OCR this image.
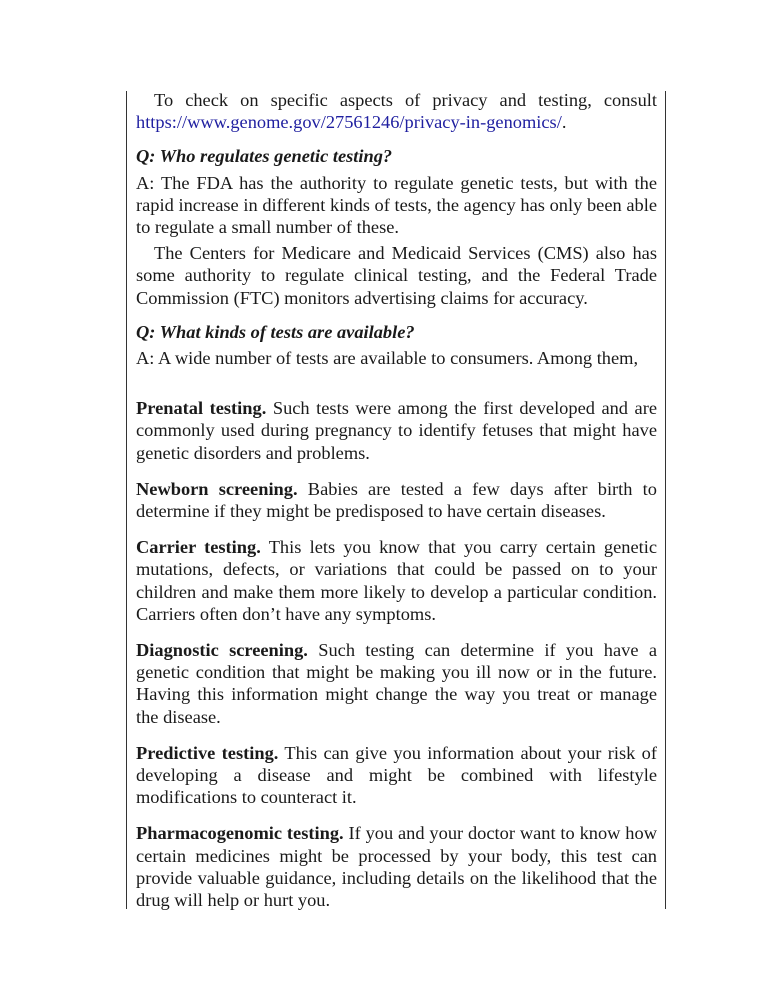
To check on specific aspects of privacy and testing, consult https://www.genome.gov/27561246/privacy-in-genomics/.

Q: Who regulates genetic testing?

A: The FDA has the authority to regulate genetic tests, but with the rapid increase in different kinds of tests, the agency has only been able to regulate a small number of these.

The Centers for Medicare and Medicaid Services (CMS) also has some authority to regulate clinical testing, and the Federal Trade Commission (FTC) monitors advertising claims for accuracy.

Q: What kinds of tests are available?

A: A wide number of tests are available to consumers. Among them,

Prenatal testing. Such tests were among the first developed and are commonly used during pregnancy to identify fetuses that might have genetic disorders and problems.

Newborn screening. Babies are tested a few days after birth to determine if they might be predisposed to have certain diseases.

Carrier testing. This lets you know that you carry certain genetic mutations, defects, or variations that could be passed on to your children and make them more likely to develop a particular condition. Carriers often don’t have any symptoms.

Diagnostic screening. Such testing can determine if you have a genetic condition that might be making you ill now or in the future. Having this information might change the way you treat or manage the disease.

Predictive testing. This can give you information about your risk of developing a disease and might be combined with lifestyle modifications to counteract it.

Pharmacogenomic testing. If you and your doctor want to know how certain medicines might be processed by your body, this test can provide valuable guidance, including details on the likelihood that the drug will help or hurt you.
